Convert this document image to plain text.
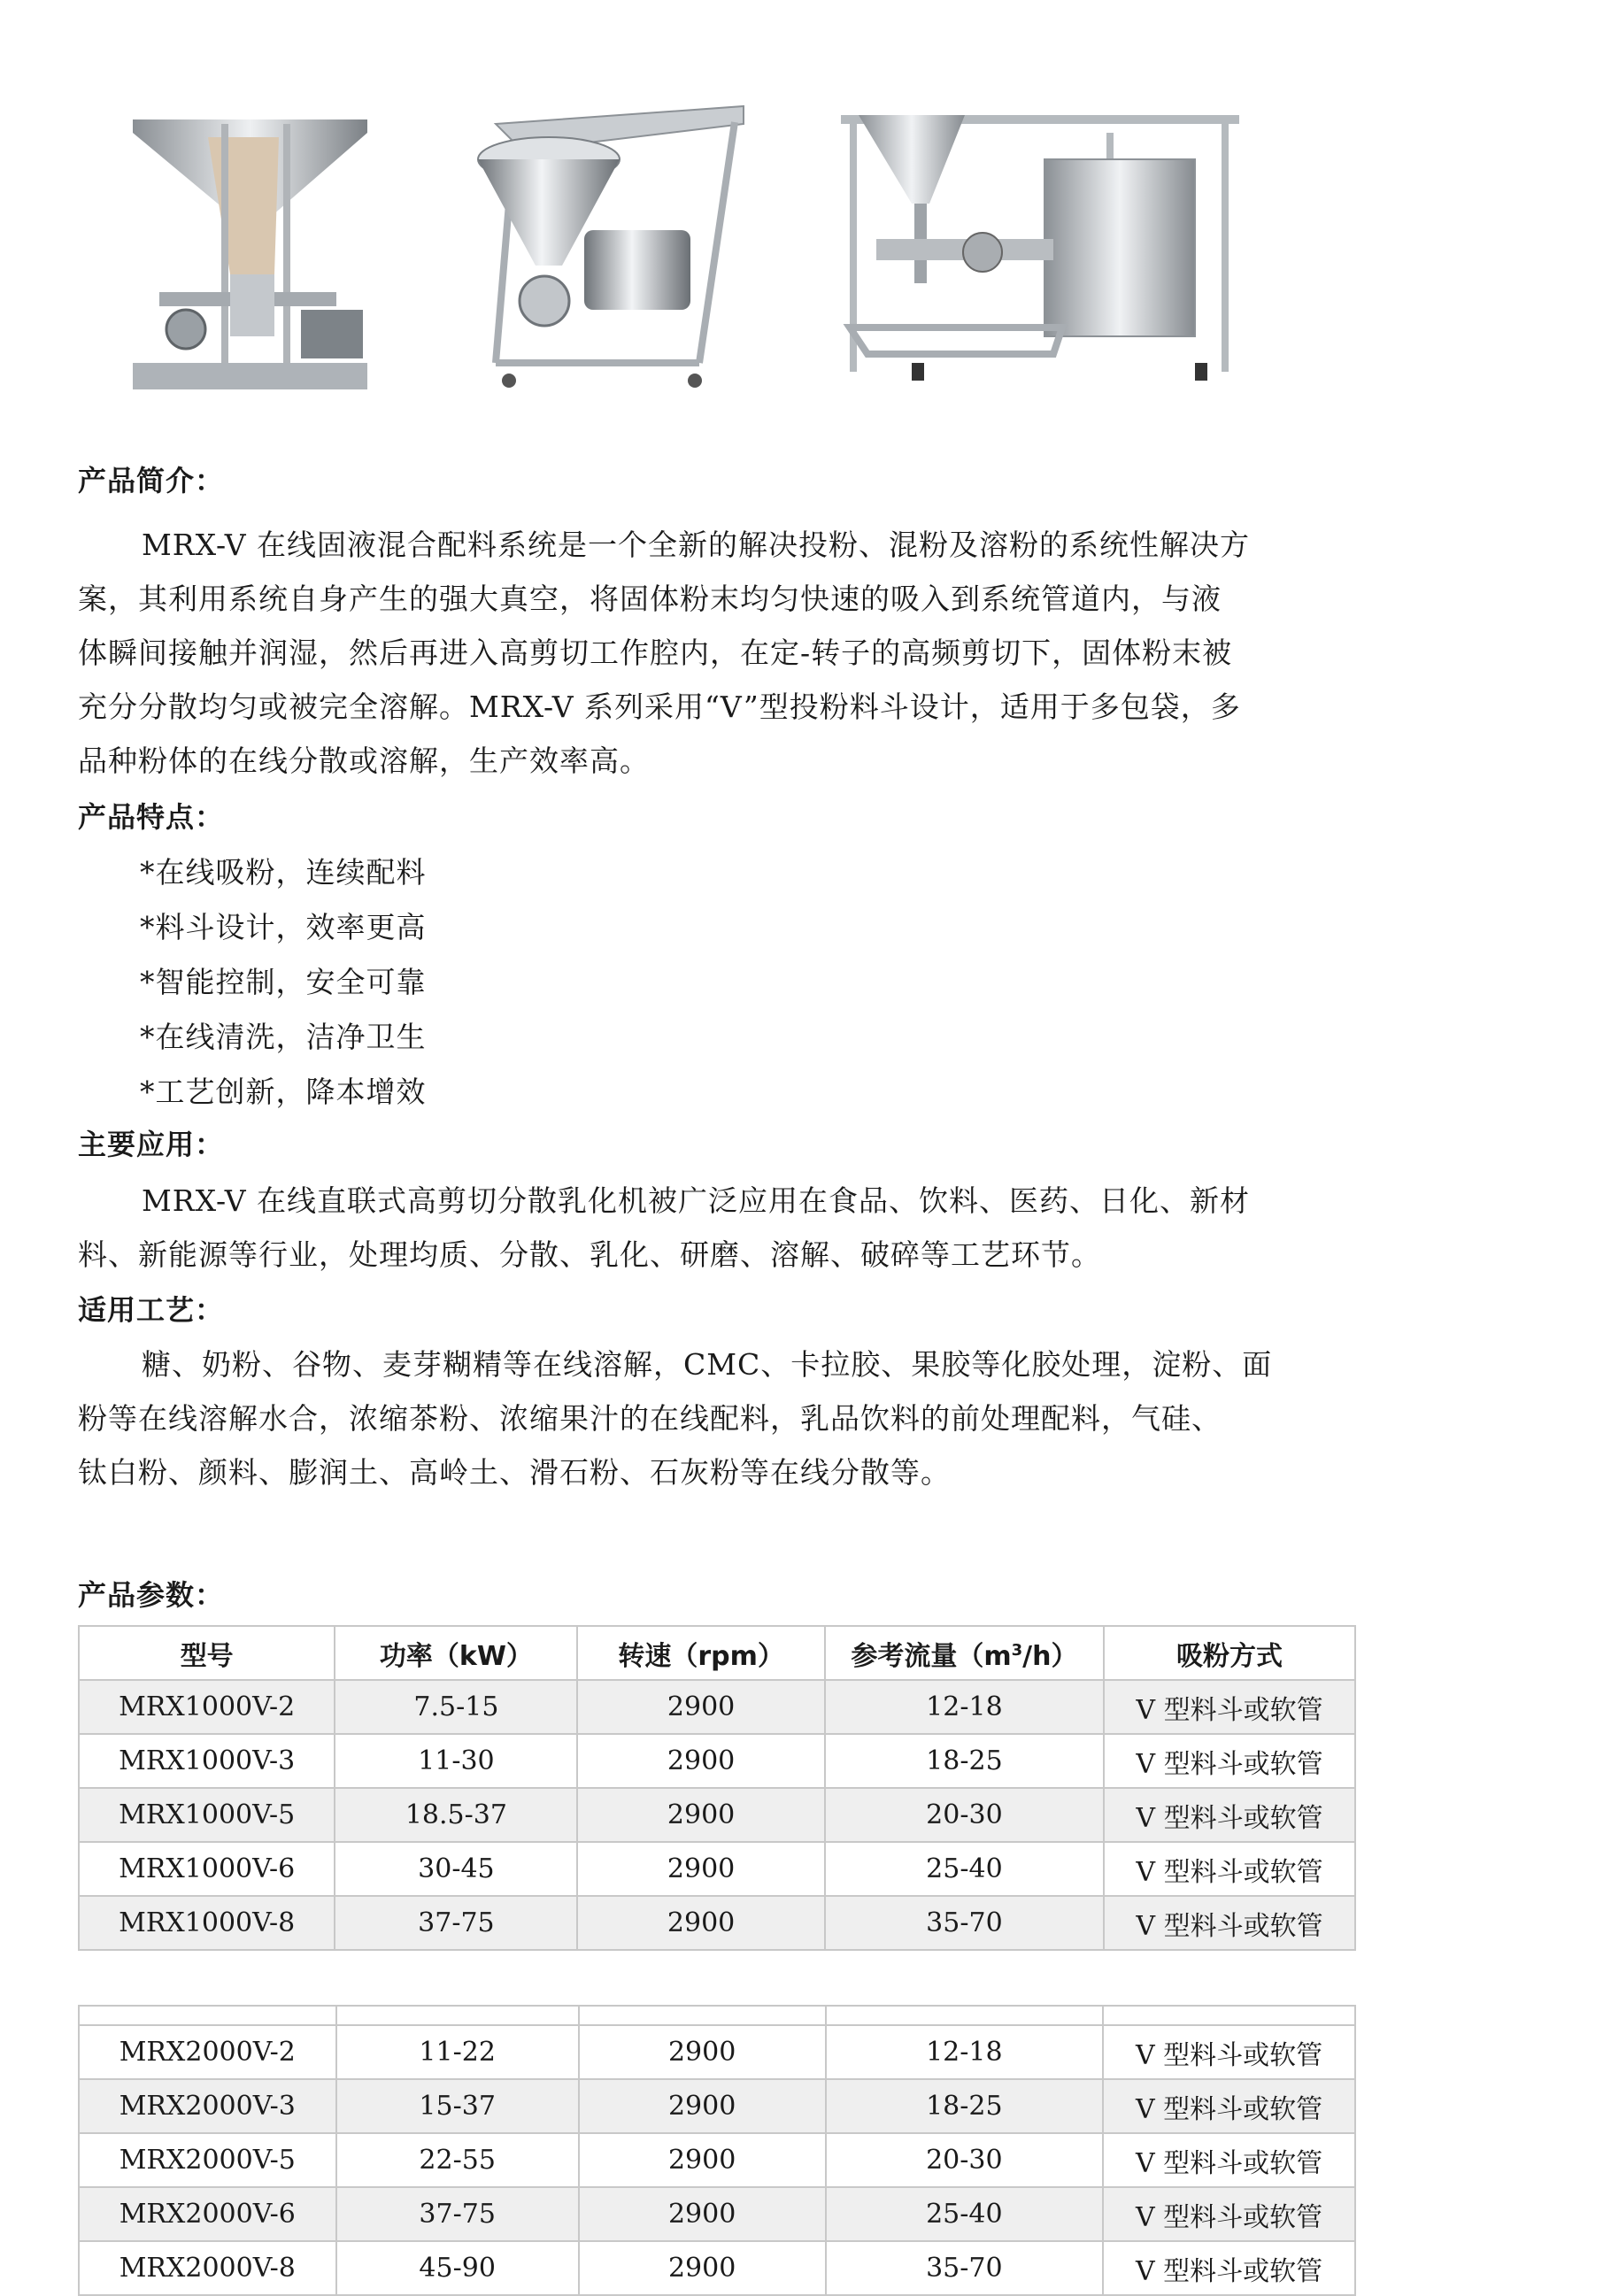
产品简介：
MRX-V 在线固液混合配料系统是一个全新的解决投粉、混粉及溶粉的系统性解决方
案，其利用系统自身产生的强大真空，将固体粉末均匀快速的吸入到系统管道内，与液
体瞬间接触并润湿，然后再进入高剪切工作腔内，在定-转子的高频剪切下，固体粉末被
充分分散均匀或被完全溶解。MRX-V 系列采用“V”型投粉料斗设计，适用于多包袋，多
品种粉体的在线分散或溶解，生产效率高。
产品特点：
*在线吸粉，连续配料
*料斗设计，效率更高
*智能控制，安全可靠
*在线清洗，洁净卫生
*工艺创新，降本增效
主要应用：
MRX-V 在线直联式高剪切分散乳化机被广泛应用在食品、饮料、医药、日化、新材
料、新能源等行业，处理均质、分散、乳化、研磨、溶解、破碎等工艺环节。
适用工艺：
糖、奶粉、谷物、麦芽糊精等在线溶解，CMC、卡拉胶、果胶等化胶处理，淀粉、面
粉等在线溶解水合，浓缩茶粉、浓缩果汁的在线配料，乳品饮料的前处理配料，气硅、
钛白粉、颜料、膨润土、高岭土、滑石粉、石灰粉等在线分散等。
产品参数：
型号	功率（kW）	转速（rpm）	参考流量$(m^3/h)$	吸粉方式
MRX1000V-2	7.5-15	2900	12-18	V 型料斗或软管
MRX1000V-3	11-30	2900	18-25	V 型料斗或软管
MRX1000V-5	18.5-37	2900	20-30	V 型料斗或软管
MRX1000V-6	30-45	2900	25-40	V 型料斗或软管
MRX1000V-8	37-75	2900	35-70	V 型料斗或软管

MRX2000V-2	11-22	2900	12-18	V 型料斗或软管
MRX2000V-3	15-37	2900	18-25	V 型料斗或软管
MRX2000V-5	22-55	2900	20-30	V 型料斗或软管
MRX2000V-6	37-75	2900	25-40	V 型料斗或软管
MRX2000V-8	45-90	2900	35-70	V 型料斗或软管
